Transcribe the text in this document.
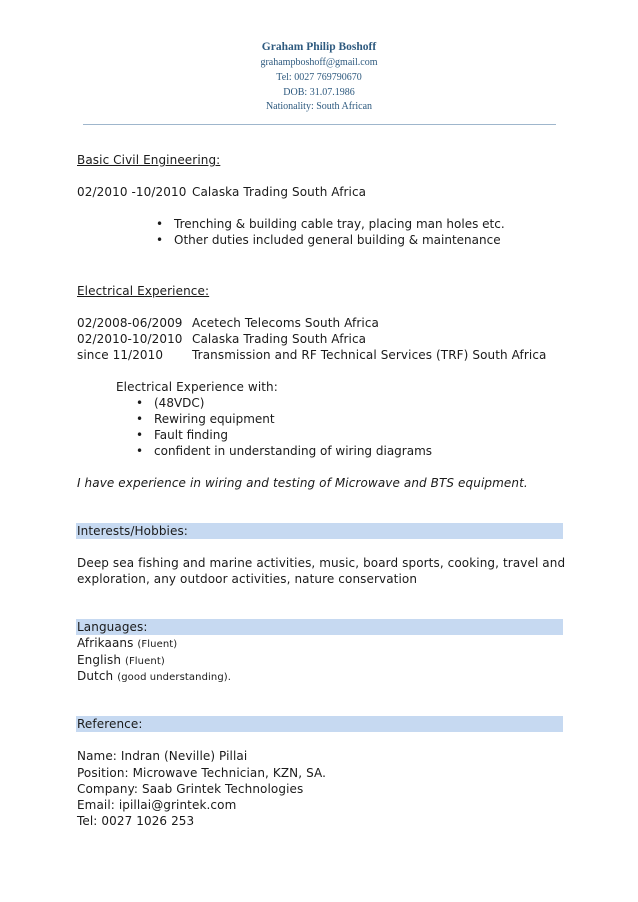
Graham Philip Boshoff
grahampboshoff@gmail.com
Tel: 0027 769790670
DOB: 31.07.1986
Nationality: South African
Basic Civil Engineering:
02/2010 -10/2010 Calaska Trading South Africa
• Trenching & building cable tray, placing man holes etc.
• Other duties included general building & maintenance
Electrical Experience:
02/2008-06/2009 Acetech Telecoms South Africa
02/2010-10/2010 Calaska Trading South Africa
since 11/2010 Transmission and RF Technical Services (TRF) South Africa
Electrical Experience with:
• (48VDC)
• Rewiring equipment
• Fault finding
• confident in understanding of wiring diagrams
I have experience in wiring and testing of Microwave and BTS equipment.
Interests/Hobbies:
Deep sea fishing and marine activities, music, board sports, cooking, travel and
exploration, any outdoor activities, nature conservation
Languages:
Afrikaans (Fluent)
English (Fluent)
Dutch (good understanding).
Reference:
Name: Indran (Neville) Pillai
Position: Microwave Technician, KZN, SA.
Company: Saab Grintek Technologies
Email: ipillai@grintek.com
Tel: 0027 1026 253
